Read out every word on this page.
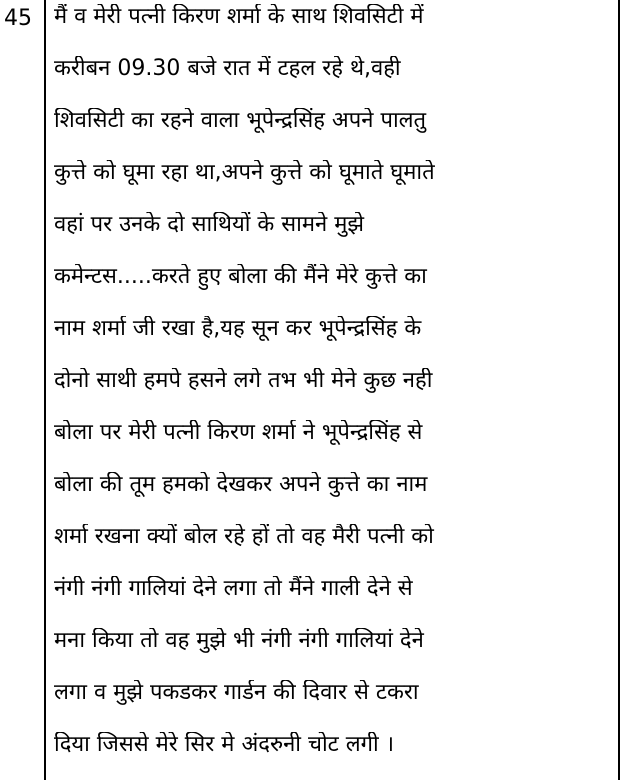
45 मैं व मेरी पत्नी किरण शर्मा के साथ शिवसिटी में
करीबन 09.30 बजे रात में टहल रहे थे,वही
शिवसिटी का रहने वाला भूपेन्द्रसिंह अपने पालतु
कुत्ते को घूमा रहा था,अपने कुत्ते को घूमाते घूमाते
वहां पर उनके दो साथियों के सामने मुझे
कमेन्टस.....करते हुए बोला की मैंने मेरे कुत्ते का
नाम शर्मा जी रखा है,यह सून कर भूपेन्द्रसिंह के
दोनो साथी हमपे हसने लगे तभ भी मेने कुछ नही
बोला पर मेरी पत्नी किरण शर्मा ने भूपेन्द्रसिंह से
बोला की तूम हमको देखकर अपने कुत्ते का नाम
शर्मा रखना क्यों बोल रहे हों तो वह मैरी पत्नी को
नंगी नंगी गालियां देने लगा तो मैंने गाली देने से
मना किया तो वह मुझे भी नंगी नंगी गालियां देने
लगा व मुझे पकडकर गार्डन की दिवार से टकरा
दिया जिससे मेरे सिर मे अंदरुनी चोट लगी ।
